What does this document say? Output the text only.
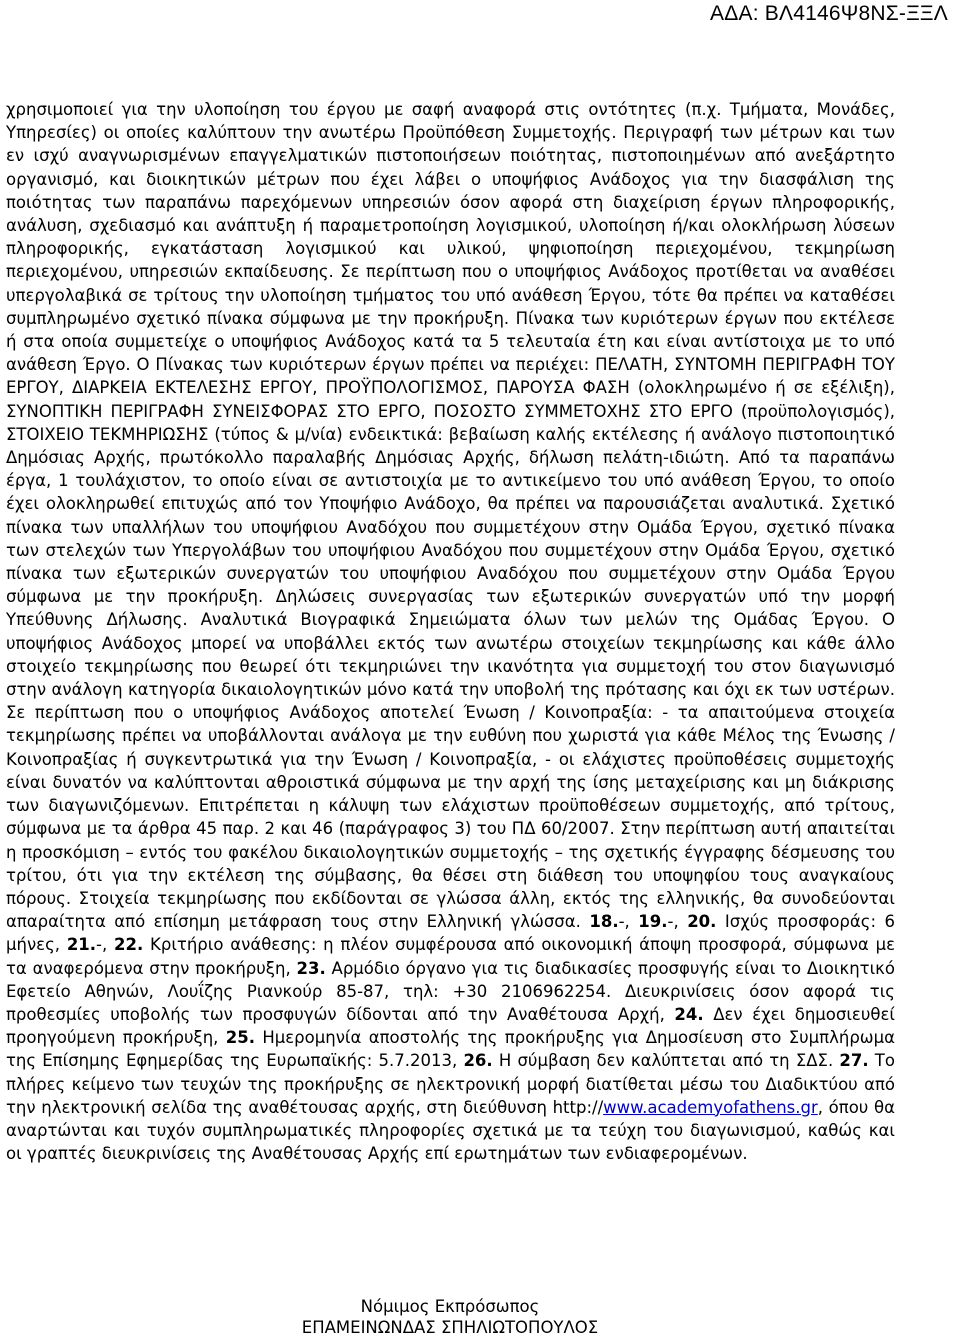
ΑΔΑ: ΒΛ4146Ψ8ΝΣ-ΞΞΛ

χρησιμοποιεί για την υλοποίηση του έργου με σαφή αναφορά στις οντότητες (π.χ. Τμήματα, Μονάδες, Υπηρεσίες) οι οποίες καλύπτουν την ανωτέρω Προϋπόθεση Συμμετοχής. Περιγραφή των μέτρων και των εν ισχύ αναγνωρισμένων επαγγελματικών πιστοποιήσεων ποιότητας, πιστοποιημένων από ανεξάρτητο οργανισμό, και διοικητικών μέτρων που έχει λάβει ο υποψήφιος Ανάδοχος για την διασφάλιση της ποιότητας των παραπάνω παρεχόμενων υπηρεσιών όσον αφορά στη διαχείριση έργων πληροφορικής, ανάλυση, σχεδιασμό και ανάπτυξη ή παραμετροποίηση λογισμικού, υλοποίηση ή/και ολοκλήρωση λύσεων πληροφορικής, εγκατάσταση λογισμικού και υλικού, ψηφιοποίηση περιεχομένου, τεκμηρίωση περιεχομένου, υπηρεσιών εκπαίδευσης. Σε περίπτωση που ο υποψήφιος Ανάδοχος προτίθεται να αναθέσει υπεργολαβικά σε τρίτους την υλοποίηση τμήματος του υπό ανάθεση Έργου, τότε θα πρέπει να καταθέσει συμπληρωμένο σχετικό πίνακα σύμφωνα με την προκήρυξη. Πίνακα των κυριότερων έργων που εκτέλεσε ή στα οποία συμμετείχε ο υποψήφιος Ανάδοχος κατά τα 5 τελευταία έτη και είναι αντίστοιχα με το υπό ανάθεση Έργο. Ο Πίνακας των κυριότερων έργων πρέπει να περιέχει: ΠΕΛΑΤΗ, ΣΥΝΤΟΜΗ ΠΕΡΙΓΡΑΦΗ ΤΟΥ ΕΡΓΟΥ, ΔΙΑΡΚΕΙΑ ΕΚΤΕΛΕΣΗΣ ΕΡΓΟΥ, ΠΡΟΫΠΟΛΟΓΙΣΜΟΣ, ΠΑΡΟΥΣΑ ΦΑΣΗ (ολοκληρωμένο ή σε εξέλιξη), ΣΥΝΟΠΤΙΚΗ ΠΕΡΙΓΡΑΦΗ ΣΥΝΕΙΣΦΟΡΑΣ ΣΤΟ ΕΡΓΟ, ΠΟΣΟΣΤΟ ΣΥΜΜΕΤΟΧΗΣ ΣΤΟ ΕΡΓΟ (προϋπολογισμός), ΣΤΟΙΧΕΙΟ ΤΕΚΜΗΡΙΩΣΗΣ (τύπος & μ/νία) ενδεικτικά: βεβαίωση καλής εκτέλεσης ή ανάλογο πιστοποιητικό Δημόσιας Αρχής, πρωτόκολλο παραλαβής Δημόσιας Αρχής, δήλωση πελάτη-ιδιώτη. Από τα παραπάνω έργα, 1 τουλάχιστον, το οποίο είναι σε αντιστοιχία με το αντικείμενο του υπό ανάθεση Έργου, το οποίο έχει ολοκληρωθεί επιτυχώς από τον Υποψήφιο Ανάδοχο, θα πρέπει να παρουσιάζεται αναλυτικά. Σχετικό πίνακα των υπαλλήλων του υποψήφιου Αναδόχου που συμμετέχουν στην Ομάδα Έργου, σχετικό πίνακα των στελεχών των Υπεργολάβων του υποψήφιου Αναδόχου που συμμετέχουν στην Ομάδα Έργου, σχετικό πίνακα των εξωτερικών συνεργατών του υποψήφιου Αναδόχου που συμμετέχουν στην Ομάδα Έργου σύμφωνα με την προκήρυξη. Δηλώσεις συνεργασίας των εξωτερικών συνεργατών υπό την μορφή Υπεύθυνης Δήλωσης. Αναλυτικά Βιογραφικά Σημειώματα όλων των μελών της Ομάδας Έργου. Ο υποψήφιος Ανάδοχος μπορεί να υποβάλλει εκτός των ανωτέρω στοιχείων τεκμηρίωσης και κάθε άλλο στοιχείο τεκμηρίωσης που θεωρεί ότι τεκμηριώνει την ικανότητα για συμμετοχή του στον διαγωνισμό στην ανάλογη κατηγορία δικαιολογητικών μόνο κατά την υποβολή της πρότασης και όχι εκ των υστέρων. Σε περίπτωση που ο υποψήφιος Ανάδοχος αποτελεί Ένωση / Κοινοπραξία: - τα απαιτούμενα στοιχεία τεκμηρίωσης πρέπει να υποβάλλονται ανάλογα με την ευθύνη που χωριστά για κάθε Μέλος της Ένωσης / Κοινοπραξίας ή συγκεντρωτικά για την Ένωση / Κοινοπραξία, - οι ελάχιστες προϋποθέσεις συμμετοχής είναι δυνατόν να καλύπτονται αθροιστικά σύμφωνα με την αρχή της ίσης μεταχείρισης και μη διάκρισης των διαγωνιζόμενων. Επιτρέπεται η κάλυψη των ελάχιστων προϋποθέσεων συμμετοχής, από τρίτους, σύμφωνα με τα άρθρα 45 παρ. 2 και 46 (παράγραφος 3) του ΠΔ 60/2007. Στην περίπτωση αυτή απαιτείται η προσκόμιση – εντός του φακέλου δικαιολογητικών συμμετοχής – της σχετικής έγγραφης δέσμευσης του τρίτου, ότι για την εκτέλεση της σύμβασης, θα θέσει στη διάθεση του υποψηφίου τους αναγκαίους πόρους. Στοιχεία τεκμηρίωσης που εκδίδονται σε γλώσσα άλλη, εκτός της ελληνικής, θα συνοδεύονται απαραίτητα από επίσημη μετάφραση τους στην Ελληνική γλώσσα. 18.-, 19.-, 20. Ισχύς προσφοράς: 6 μήνες, 21.-, 22. Κριτήριο ανάθεσης: η πλέον συμφέρουσα από οικονομική άποψη προσφορά, σύμφωνα με τα αναφερόμενα στην προκήρυξη, 23. Αρμόδιο όργανο για τις διαδικασίες προσφυγής είναι το Διοικητικό Εφετείο Αθηνών, Λουΐζης Ριανκούρ 85-87, τηλ: +30 2106962254. Διευκρινίσεις όσον αφορά τις προθεσμίες υποβολής των προσφυγών δίδονται από την Αναθέτουσα Αρχή, 24. Δεν έχει δημοσιευθεί προηγούμενη προκήρυξη, 25. Ημερομηνία αποστολής της προκήρυξης για Δημοσίευση στο Συμπλήρωμα της Επίσημης Εφημερίδας της Ευρωπαϊκής: 5.7.2013, 26. Η σύμβαση δεν καλύπτεται από τη ΣΔΣ. 27. Το πλήρες κείμενο των τευχών της προκήρυξης σε ηλεκτρονική μορφή διατίθεται μέσω του Διαδικτύου από την ηλεκτρονική σελίδα της αναθέτουσας αρχής, στη διεύθυνση http://www.academyofathens.gr, όπου θα αναρτώνται και τυχόν συμπληρωματικές πληροφορίες σχετικά με τα τεύχη του διαγωνισμού, καθώς και οι γραπτές διευκρινίσεις της Αναθέτουσας Αρχής επί ερωτημάτων των ενδιαφερομένων.

Νόμιμος Εκπρόσωπος
ΕΠΑΜΕΙΝΩΝΔΑΣ ΣΠΗΛΙΩΤΟΠΟΥΛΟΣ
